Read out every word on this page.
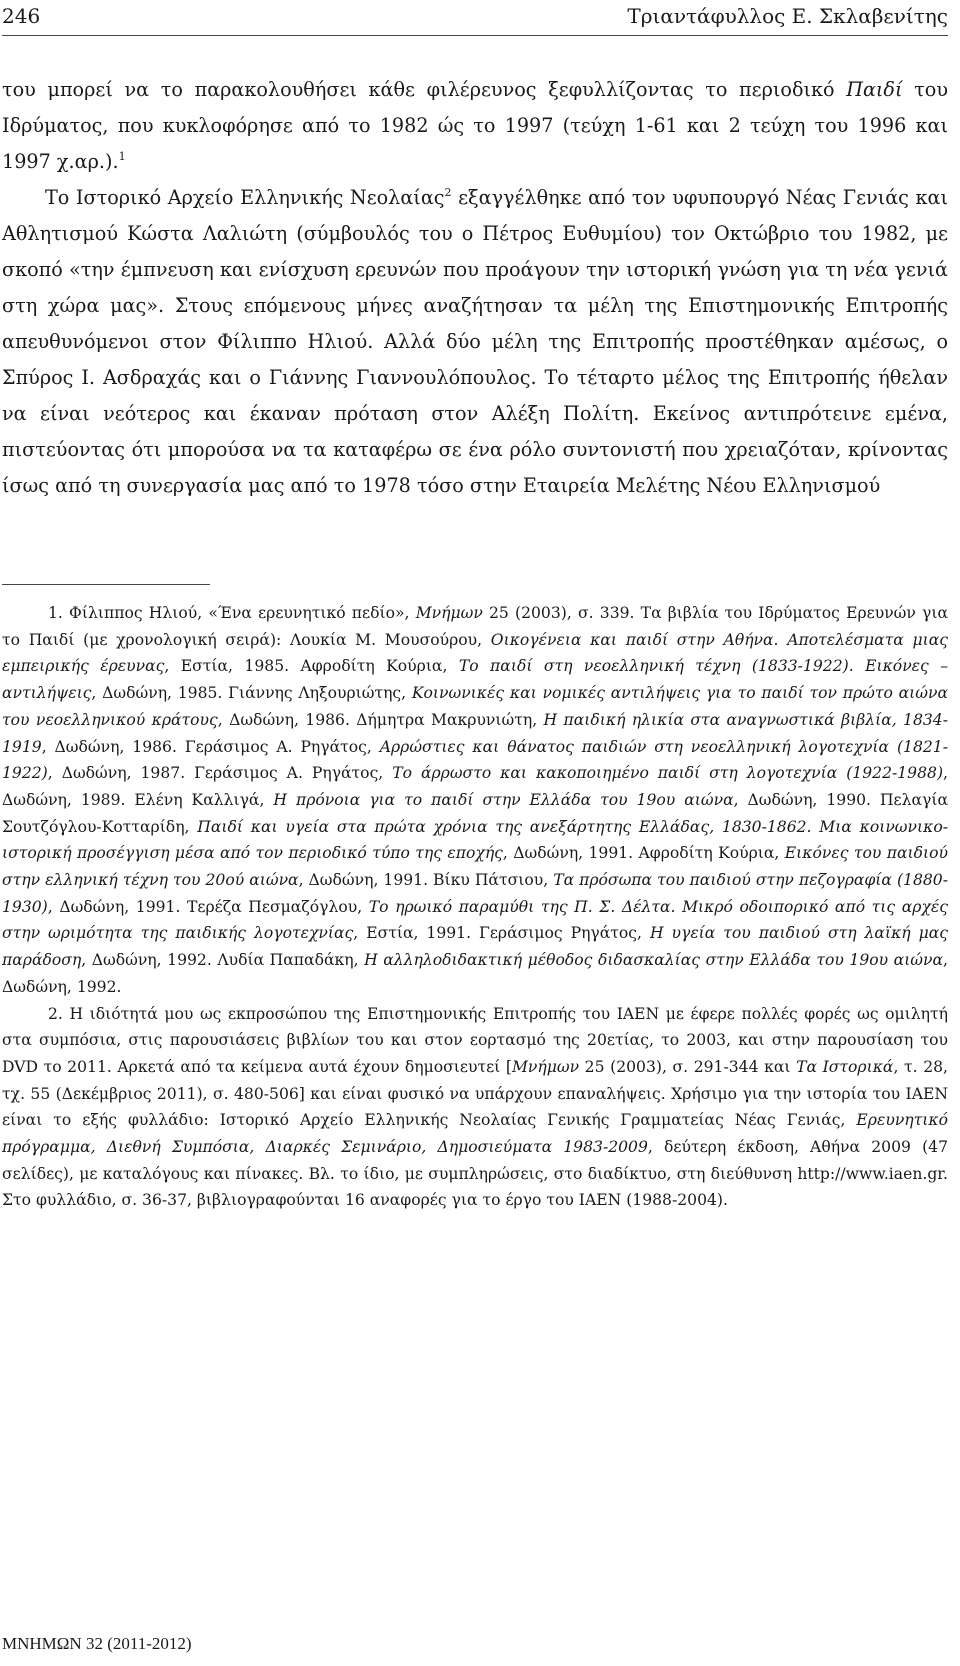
246	Τριαντάφυλλος Ε. Σκλαβενίτης

του μπορεί να το παρακολουθήσει κάθε φιλέρευνος ξεφυλλίζοντας το περιοδικό Παιδί του Ιδρύματος, που κυκλοφόρησε από το 1982 ώς το 1997 (τεύχη 1-61 και 2 τεύχη του 1996 και 1997 χ.αρ.).$^1$

Το Ιστορικό Αρχείο Ελληνικής Νεολαίας$^2$ εξαγγέλθηκε από τον υφυπουργό Νέας Γενιάς και Αθλητισμού Κώστα Λαλιώτη (σύμβουλός του ο Πέτρος Ευθυμίου) τον Οκτώβριο του 1982, με σκοπό «την έμπνευση και ενίσχυση ερευνών που προάγουν την ιστορική γνώση για τη νέα γενιά στη χώρα μας». Στους επόμενους μήνες αναζήτησαν τα μέλη της Επιστημονικής Επιτροπής απευθυνόμενοι στον Φίλιππο Ηλιού. Αλλά δύο μέλη της Επιτροπής προστέθηκαν αμέσως, ο Σπύρος Ι. Ασδραχάς και ο Γιάννης Γιαννουλόπουλος. Το τέταρτο μέλος της Επιτροπής ήθελαν να είναι νεότερος και έκαναν πρόταση στον Αλέξη Πολίτη. Εκείνος αντιπρότεινε εμένα, πιστεύοντας ότι μπορούσα να τα καταφέρω σε ένα ρόλο συντονιστή που χρειαζόταν, κρίνοντας ίσως από τη συνεργασία μας από το 1978 τόσο στην Εταιρεία Μελέτης Νέου Ελληνισμού

1. Φίλιππος Ηλιού, «Ένα ερευνητικό πεδίο», Μνήμων 25 (2003), σ. 339. Τα βιβλία του Ιδρύματος Ερευνών για το Παιδί (με χρονολογική σειρά): Λουκία Μ. Μουσούρου, Οικογένεια και παιδί στην Αθήνα. Αποτελέσματα μιας εμπειρικής έρευνας, Εστία, 1985. Αφροδίτη Κούρια, Το παιδί στη νεοελληνική τέχνη (1833-1922). Εικόνες – αντιλήψεις, Δωδώνη, 1985. Γιάννης Ληξουριώτης, Κοινωνικές και νομικές αντιλήψεις για το παιδί τον πρώτο αιώνα του νεοελληνικού κράτους, Δωδώνη, 1986. Δήμητρα Μακρυνιώτη, Η παιδική ηλικία στα αναγνωστικά βιβλία, 1834-1919, Δωδώνη, 1986. Γεράσιμος Α. Ρηγάτος, Αρρώστιες και θάνατος παιδιών στη νεοελληνική λογοτεχνία (1821-1922), Δωδώνη, 1987. Γεράσιμος Α. Ρηγάτος, Το άρρωστο και κακοποιημένο παιδί στη λογοτεχνία (1922-1988), Δωδώνη, 1989. Ελένη Καλλιγά, Η πρόνοια για το παιδί στην Ελλάδα του 19ου αιώνα, Δωδώνη, 1990. Πελαγία Σουτζόγλου-Κοτταρίδη, Παιδί και υγεία στα πρώτα χρόνια της ανεξάρτητης Ελλάδας, 1830-1862. Μια κοινωνικο-ιστορική προσέγγιση μέσα από τον περιοδικό τύπο της εποχής, Δωδώνη, 1991. Αφροδίτη Κούρια, Εικόνες του παιδιού στην ελληνική τέχνη του 20ού αιώνα, Δωδώνη, 1991. Βίκυ Πάτσιου, Τα πρόσωπα του παιδιού στην πεζογραφία (1880-1930), Δωδώνη, 1991. Τερέζα Πεσμαζόγλου, Το ηρωικό παραμύθι της Π. Σ. Δέλτα. Μικρό οδοιπορικό από τις αρχές στην ωριμότητα της παιδικής λογοτεχνίας, Εστία, 1991. Γεράσιμος Ρηγάτος, Η υγεία του παιδιού στη λαϊκή μας παράδοση, Δωδώνη, 1992. Λυδία Παπαδάκη, Η αλληλοδιδακτική μέθοδος διδασκαλίας στην Ελλάδα του 19ου αιώνα, Δωδώνη, 1992.

2. Η ιδιότητά μου ως εκπροσώπου της Επιστημονικής Επιτροπής του ΙΑΕΝ με έφερε πολλές φορές ως ομιλητή στα συμπόσια, στις παρουσιάσεις βιβλίων του και στον εορτασμό της 20ετίας, το 2003, και στην παρουσίαση του DVD το 2011. Αρκετά από τα κείμενα αυτά έχουν δημοσιευτεί [Μνήμων 25 (2003), σ. 291-344 και Τα Ιστορικά, τ. 28, τχ. 55 (Δεκέμβριος 2011), σ. 480-506] και είναι φυσικό να υπάρχουν επαναλήψεις. Χρήσιμο για την ιστορία του ΙΑΕΝ είναι το εξής φυλλάδιο: Ιστορικό Αρχείο Ελληνικής Νεολαίας Γενικής Γραμματείας Νέας Γενιάς, Ερευνητικό πρόγραμμα, Διεθνή Συμπόσια, Διαρκές Σεμινάριο, Δημοσιεύματα 1983-2009, δεύτερη έκδοση, Αθήνα 2009 (47 σελίδες), με καταλόγους και πίνακες. Βλ. το ίδιο, με συμπληρώσεις, στο διαδίκτυο, στη διεύθυνση http://www.iaen.gr. Στο φυλλάδιο, σ. 36-37, βιβλιογραφούνται 16 αναφορές για το έργο του ΙΑΕΝ (1988-2004).

ΜΝΗΜΩΝ 32 (2011-2012)
